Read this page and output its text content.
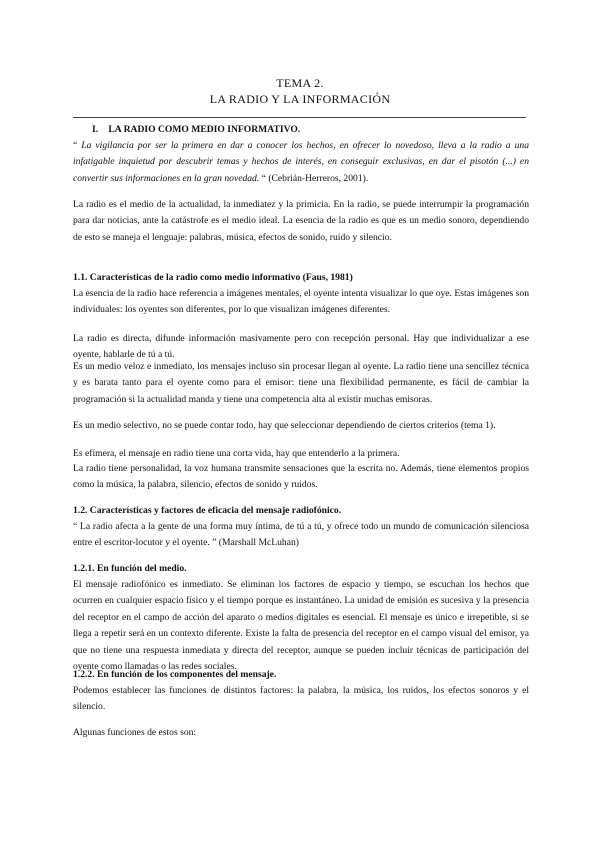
TEMA 2.
LA RADIO Y LA INFORMACIÓN
I. LA RADIO COMO MEDIO INFORMATIVO.

“ La vigilancia por ser la primera en dar a conocer los hechos, en ofrecer lo novedoso, lleva a la radio a una infatigable inquietud por descubrir temas y hechos de interés, en conseguir exclusivas, en dar el pisotón (...) en convertir sus informaciones en la gran novedad. “ (Cebrián-Herreros, 2001).

La radio es el medio de la actualidad, la inmediatez y la primicia. En la radio, se puede interrumpir la programación para dar noticias, ante la catástrofe es el medio ideal. La esencia de la radio es que es un medio sonoro, dependiendo de esto se maneja el lenguaje: palabras, música, efectos de sonido, ruido y silencio.

1.1. Características de la radio como medio informativo (Faus, 1981)

La esencia de la radio hace referencia a imágenes mentales, el oyente intenta visualizar lo que oye. Estas imágenes son individuales: los oyentes son diferentes, por lo que visualizan imágenes diferentes.

La radio es directa, difunde información masivamente pero con recepción personal. Hay que individualizar a ese oyente, hablarle de tú a tú.

Es un medio veloz e inmediato, los mensajes incluso sin procesar llegan al oyente. La radio tiene una sencillez técnica y es barata tanto para el oyente como para el emisor: tiene una flexibilidad permanente, es fácil de cambiar la programación si la actualidad manda y tiene una competencia alta al existir muchas emisoras.

Es un medio selectivo, no se puede contar todo, hay que seleccionar dependiendo de ciertos criterios (tema 1).

Es efímera, el mensaje en radio tiene una corta vida, hay que entenderlo a la primera.

La radio tiene personalidad, la voz humana transmite sensaciones que la escrita no. Además, tiene elementos propios como la música, la palabra, silencio, efectos de sonido y ruidos.

1.2. Características y factores de eficacia del mensaje radiofónico.

“ La radio afecta a la gente de una forma muy íntima, de tú a tú, y ofrece todo un mundo de comunicación silenciosa entre el escritor-locutor y el oyente. ” (Marshall McLuhan)

1.2.1. En función del medio.

El mensaje radiofónico es inmediato. Se eliminan los factores de espacio y tiempo, se escuchan los hechos que ocurren en cualquier espacio físico y el tiempo porque es instantáneo. La unidad de emisión es sucesiva y la presencia del receptor en el campo de acción del aparato o medios digitales es esencial. El mensaje es único e irrepetible, si se llega a repetir será en un contexto diferente. Existe la falta de presencia del receptor en el campo visual del emisor, ya que no tiene una respuesta inmediata y directa del receptor, aunque se pueden incluir técnicas de participación del oyente como llamadas o las redes sociales.

1.2.2. En función de los componentes del mensaje.

Podemos establecer las funciones de distintos factores: la palabra, la música, los ruidos, los efectos sonoros y el silencio.

Algunas funciones de estos son:
